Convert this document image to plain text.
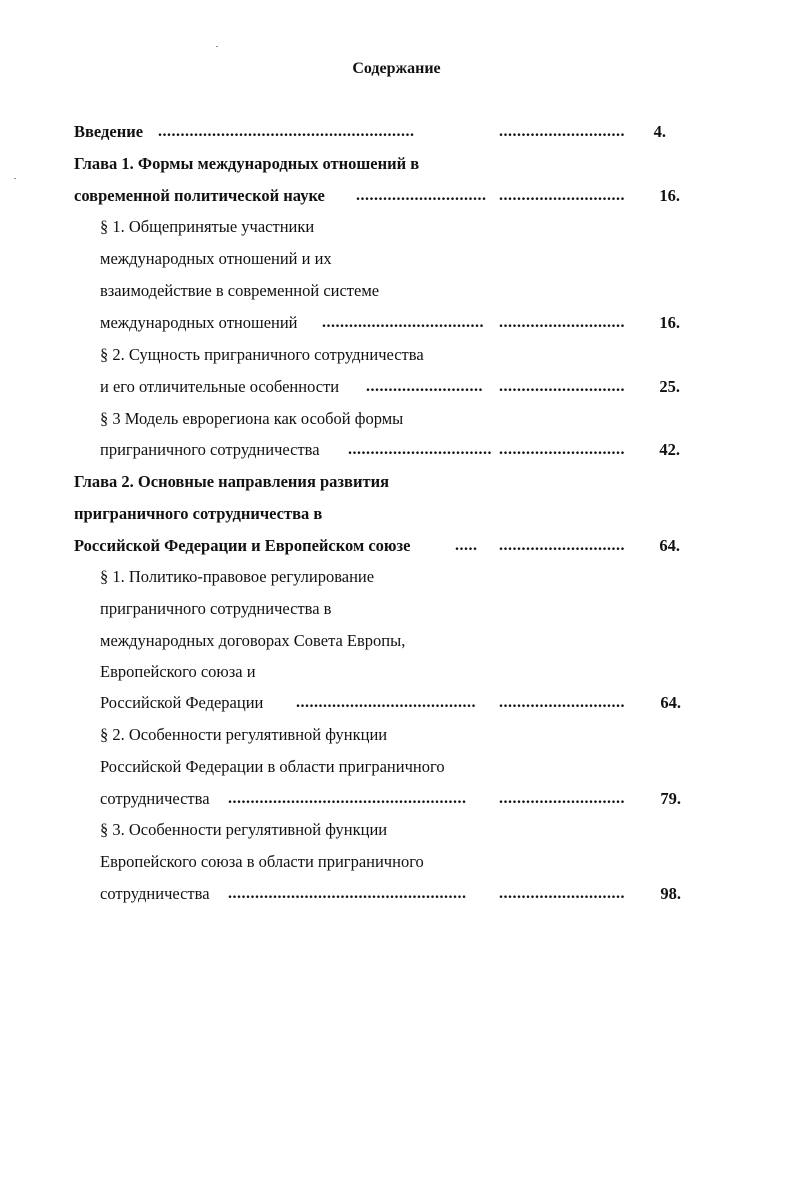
Содержание
Введение .........................................................	............................	4.
Глава 1. Формы международных отношений в
современной политической науке ............................. ............................	16.
§ 1. Общепринятые участники
международных отношений и их
взаимодействие в современной системе
международных отношений .................................... ............................	16.
§ 2. Сущность приграничного сотрудничества
и его отличительные особенности .......................... ............................	25.
§ 3 Модель еврорегиона как особой формы
приграничного сотрудничества ................................ ............................	42.
Глава 2. Основные направления развития
приграничного сотрудничества в
Российской Федерации и Европейском союзе	..... ............................	64.
§ 1. Политико-правовое регулирование
приграничного сотрудничества в
международных договорах Совета Европы,
Европейского союза и
Российской Федерации ........................................ ............................	64.
§ 2. Особенности регулятивной функции
Российской Федерации в области приграничного
сотрудничества ..................................................... ............................	79.
§ 3. Особенности регулятивной функции
Европейского союза в области приграничного
сотрудничества ..................................................... ............................	98.
